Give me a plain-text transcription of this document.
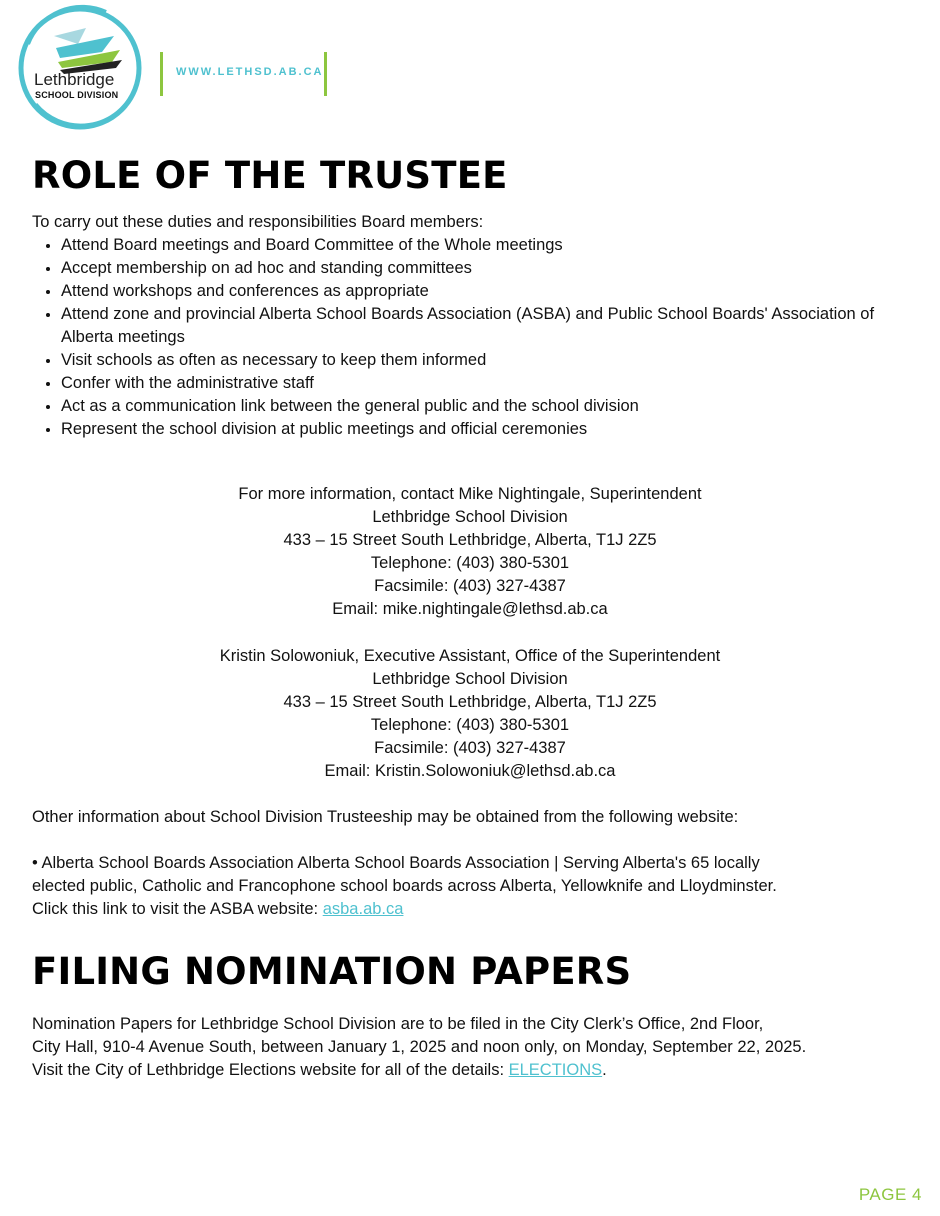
Lethbridge
SCHOOL DIVISION
WWW.LETHSD.AB.CA
ROLE OF THE TRUSTEE
To carry out these duties and responsibilities Board members:
• Attend Board meetings and Board Committee of the Whole meetings
• Accept membership on ad hoc and standing committees
• Attend workshops and conferences as appropriate
• Attend zone and provincial Alberta School Boards Association (ASBA) and Public School Boards' Association of Alberta meetings
• Visit schools as often as necessary to keep them informed
• Confer with the administrative staff
• Act as a communication link between the general public and the school division
• Represent the school division at public meetings and official ceremonies
For more information, contact Mike Nightingale, Superintendent
Lethbridge School Division
433 – 15 Street South Lethbridge, Alberta, T1J 2Z5
Telephone: (403) 380-5301
Facsimile: (403) 327-4387
Email: mike.nightingale@lethsd.ab.ca
Kristin Solowoniuk, Executive Assistant, Office of the Superintendent
Lethbridge School Division
433 – 15 Street South Lethbridge, Alberta, T1J 2Z5
Telephone: (403) 380-5301
Facsimile: (403) 327-4387
Email: Kristin.Solowoniuk@lethsd.ab.ca
Other information about School Division Trusteeship may be obtained from the following website:
• Alberta School Boards Association Alberta School Boards Association | Serving Alberta's 65 locally
elected public, Catholic and Francophone school boards across Alberta, Yellowknife and Lloydminster.
Click this link to visit the ASBA website: asba.ab.ca
FILING NOMINATION PAPERS
Nomination Papers for Lethbridge School Division are to be filed in the City Clerk’s Office, 2nd Floor,
City Hall, 910-4 Avenue South, between January 1, 2025 and noon only, on Monday, September 22, 2025.
Visit the City of Lethbridge Elections website for all of the details: ELECTIONS.
PAGE 4
